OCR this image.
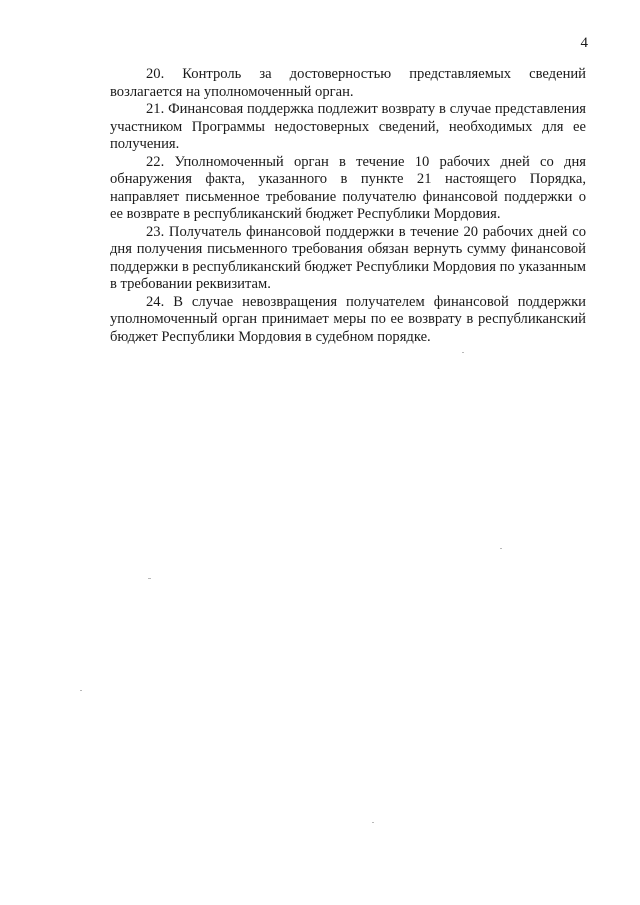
4

20. Контроль за достоверностью представляемых сведений возлагается на уполномоченный орган.

21. Финансовая поддержка подлежит возврату в случае представления участником Программы недостоверных сведений, необходимых для ее получения.

22. Уполномоченный орган в течение 10 рабочих дней со дня обнаружения факта, указанного в пункте 21 настоящего Порядка, направляет письменное требование получателю финансовой поддержки о ее возврате в республиканский бюджет Республики Мордовия.

23. Получатель финансовой поддержки в течение 20 рабочих дней со дня получения письменного требования обязан вернуть сумму финансовой поддержки в республиканский бюджет Республики Мордовия по указанным в требовании реквизитам.

24. В случае невозвращения получателем финансовой поддержки уполномоченный орган принимает меры по ее возврату в республиканский бюджет Республики Мордовия в судебном порядке.
